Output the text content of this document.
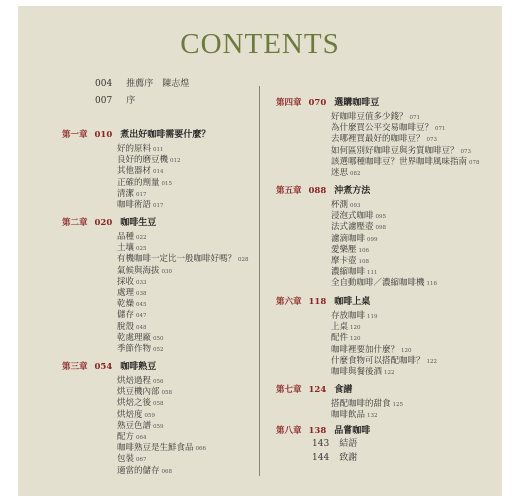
CONTENTS
004 推薦序　陳志煌
007 序
第一章 010 煮出好咖啡需要什麼？
好的原料 011
良好的磨豆機 012
其他器材 014
正確的劑量 015
清潔 017
咖啡術語 017
第二章 020 咖啡生豆
品種 022
土壤 025
有機咖啡一定比一般咖啡好嗎？ 028
氣候與海拔 030
採收 033
處理 038
乾燥 045
儲存 047
脫殼 048
乾處理廠 050
季節作物 052
第三章 054 咖啡熟豆
烘焙過程 056
烘豆機內部 058
烘焙之後 058
烘焙度 059
熟豆色譜 059
配方 064
咖啡熟豆是生鮮食品 066
包裝 067
適當的儲存 068
第四章 070 選購咖啡豆
好咖啡豆值多少錢？ 071
為什麼買公平交易咖啡豆？ 071
去哪裡買最好的咖啡豆？ 073
如何區別好咖啡豆與劣質咖啡豆？ 073
該選哪種咖啡豆？世界咖啡風味指南 078
迷思 082
第五章 088 沖煮方法
杯測 093
浸泡式咖啡 095
法式濾壓壺 098
濾滴咖啡 099
愛樂壓 106
摩卡壺 108
濃縮咖啡 111
全自動咖啡／濃縮咖啡機 116
第六章 118 咖啡上桌
存放咖啡 119
上桌 120
配件 120
咖啡裡要加什麼？ 120
什麼食物可以搭配咖啡？ 122
咖啡與餐後酒 122
第七章 124 食譜
搭配咖啡的甜食 125
咖啡飲品 132
第八章 138 品嘗咖啡
143 結語
144 致謝
